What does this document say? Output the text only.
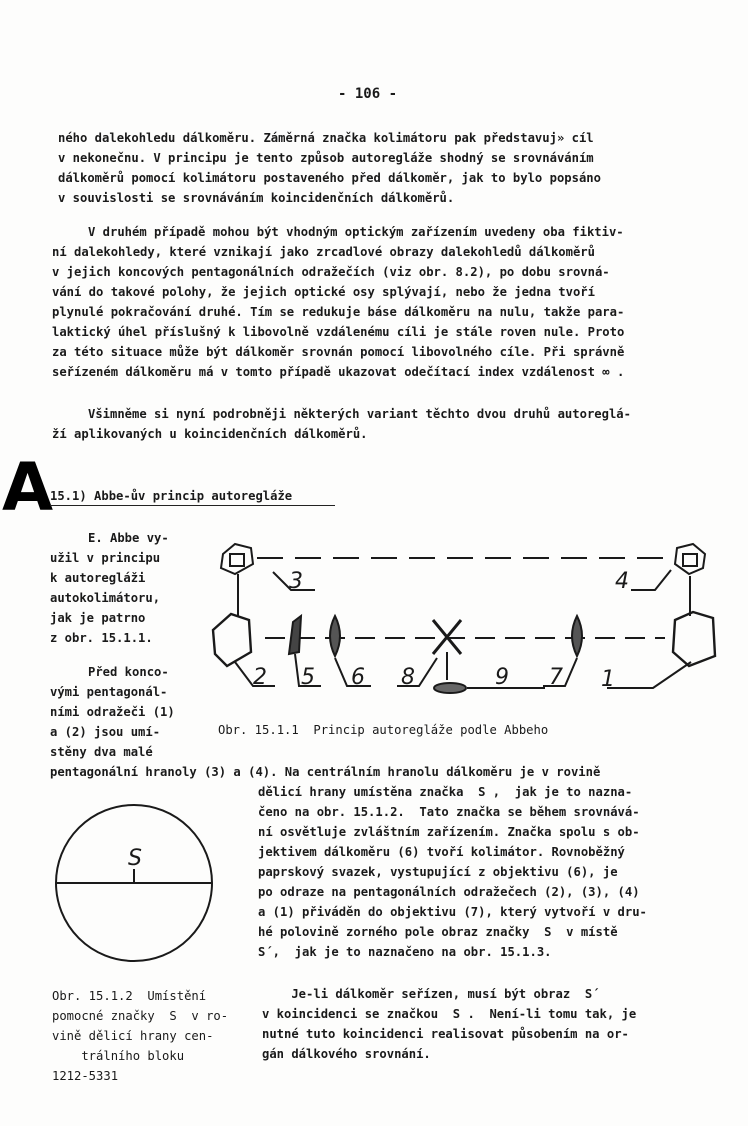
- 106 -
ného dalekohledu dálkoměru. Záměrná značka kolimátoru pak představuj» cíl
v nekonečnu. V principu je tento způsob autoregláže shodný se srovnáváním
dálkoměrů pomocí kolimátoru postaveného před dálkoměr, jak to bylo popsáno
v souvislosti se srovnáváním koincidenčních dálkoměrů.
V druhém případě mohou být vhodným optickým zařízením uvedeny oba fiktiv-
ní dalekohledy, které vznikají jako zrcadlové obrazy dalekohledů dálkoměrů
v jejich koncových pentagonálních odražečích (viz obr. 8.2), po dobu srovná-
vání do takové polohy, že jejich optické osy splývají, nebo že jedna tvoří
plynulé pokračování druhé. Tím se redukuje báse dálkoměru na nulu, takže para-
laktický úhel příslušný k libovolně vzdálenému cíli je stále roven nule. Proto
za této situace může být dálkoměr srovnán pomocí libovolného cíle. Při správně
seřízeném dálkoměru má v tomto případě ukazovat odečítací index vzdálenost ∞ .
Všimněme si nyní podrobněji některých variant těchto dvou druhů autoreglá-
ží aplikovaných u koincidenčních dálkoměrů.
A
15.1) Abbe-ův princip autoregláže
E. Abbe vy-
užil v principu
k autoregláži
autokolimátoru,
jak je patrno
z obr. 15.1.1.
Před konco-
vými pentagonál-
ními odražeči (1)
a (2) jsou umí-
stěny dva malé
3	4
2 5 6 8	9 7 1
Obr. 15.1.1  Princip autoregláže podle Abbeho
pentagonální hranoly (3) a (4). Na centrálním hranolu dálkoměru je v rovině
dělicí hrany umístěna značka  S ,  jak je to nazna-
čeno na obr. 15.1.2.  Tato značka se během srovnává-
ní osvětluje zvláštním zařízením. Značka spolu s ob-
jektivem dálkoměru (6) tvoří kolimátor. Rovnoběžný
paprskový svazek, vystupující z objektivu (6), je
po odraze na pentagonálních odražečech (2), (3), (4)
a (1) přiváděn do objektivu (7), který vytvoří v dru-
hé polovině zorného pole obraz značky  S  v místě
S´,  jak je to naznačeno na obr. 15.1.3.
S
Obr. 15.1.2  Umístění
pomocné značky  S  v ro-
vině dělicí hrany cen-
trálního bloku
1212-5331
Je-li dálkoměr seřízen, musí být obraz  S´
v koincidenci se značkou  S .  Není-li tomu tak, je
nutné tuto koincidenci realisovat působením na or-
gán dálkového srovnání.
